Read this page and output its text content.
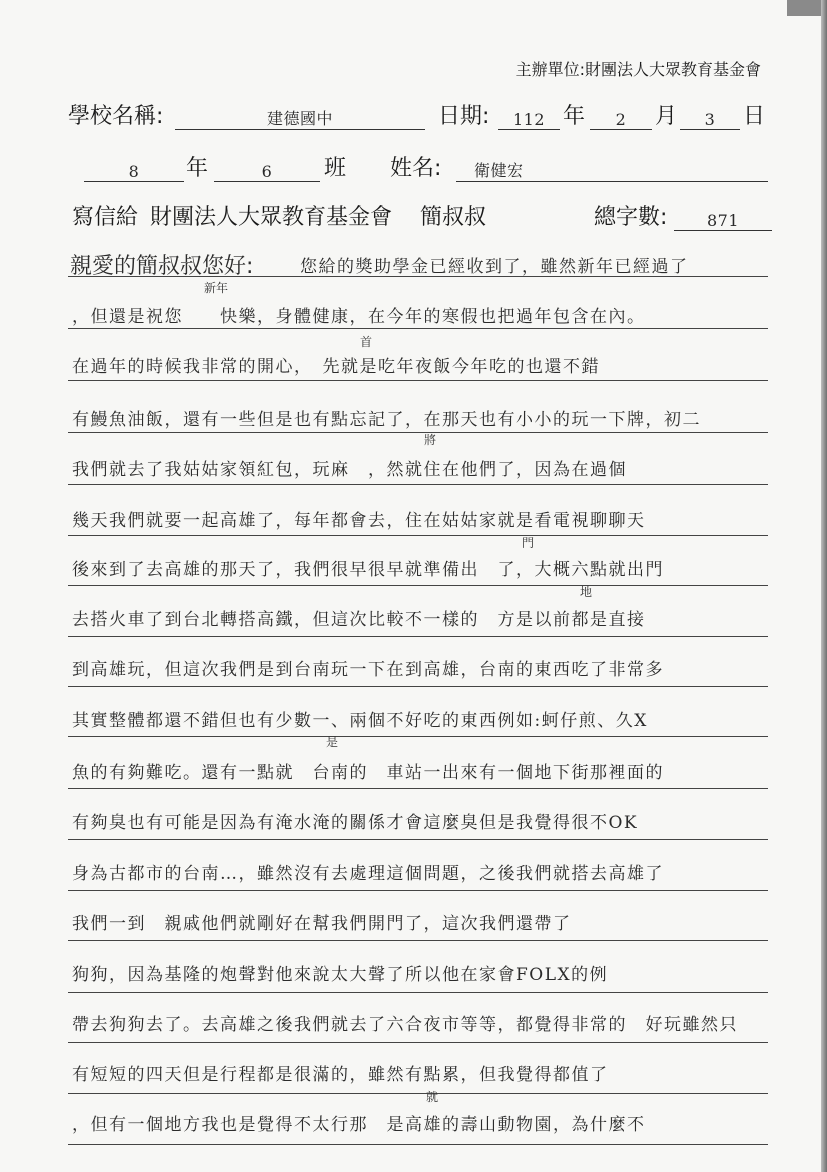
主辦單位:財團法人大眾教育基金會
學校名稱:	建德國中	日期:	112 年	2	月	3	日
8	年	6	班 姓名:	衛健宏
寫信給 財團法人大眾教育基金會 簡叔叔	總字數:	871
親愛的簡叔叔您好:	您給的獎助學金已經收到了，雖然新年已經過了
新年
，但還是祝您　　快樂，身體健康，在今年的寒假也把過年包含在內。
首
在過年的時候我非常的開心，　先就是吃年夜飯今年吃的也還不錯
有鰻魚油飯，還有一些但是也有點忘記了，在那天也有小小的玩一下牌，初二
將
我們就去了我姑姑家領紅包，玩麻　，然就住在他們了，因為在過個
幾天我們就要一起高雄了，每年都會去，住在姑姑家就是看電視聊聊天
門
後來到了去高雄的那天了，我們很早很早就準備出　了，大概六點就出門
地
去搭火車了到台北轉搭高鐵，但這次比較不一樣的　方是以前都是直接
到高雄玩，但這次我們是到台南玩一下在到高雄，台南的東西吃了非常多
其實整體都還不錯但也有少數一、兩個不好吃的東西例如:蚵仔煎、久X
是
魚的有夠難吃。還有一點就　台南的　車站一出來有一個地下街那裡面的
有夠臭也有可能是因為有淹水淹的關係才會這麼臭但是我覺得很不OK
身為古都市的台南…，雖然沒有去處理這個問題，之後我們就搭去高雄了
我們一到　親戚他們就剛好在幫我們開門了，這次我們還帶了
狗狗，因為基隆的炮聲對他來說太大聲了所以他在家會FOLX的例
帶去狗狗去了。去高雄之後我們就去了六合夜市等等，都覺得非常的　好玩雖然只
有短短的四天但是行程都是很滿的，雖然有點累，但我覺得都值了
就
，但有一個地方我也是覺得不太行那　是高雄的壽山動物園，為什麼不
